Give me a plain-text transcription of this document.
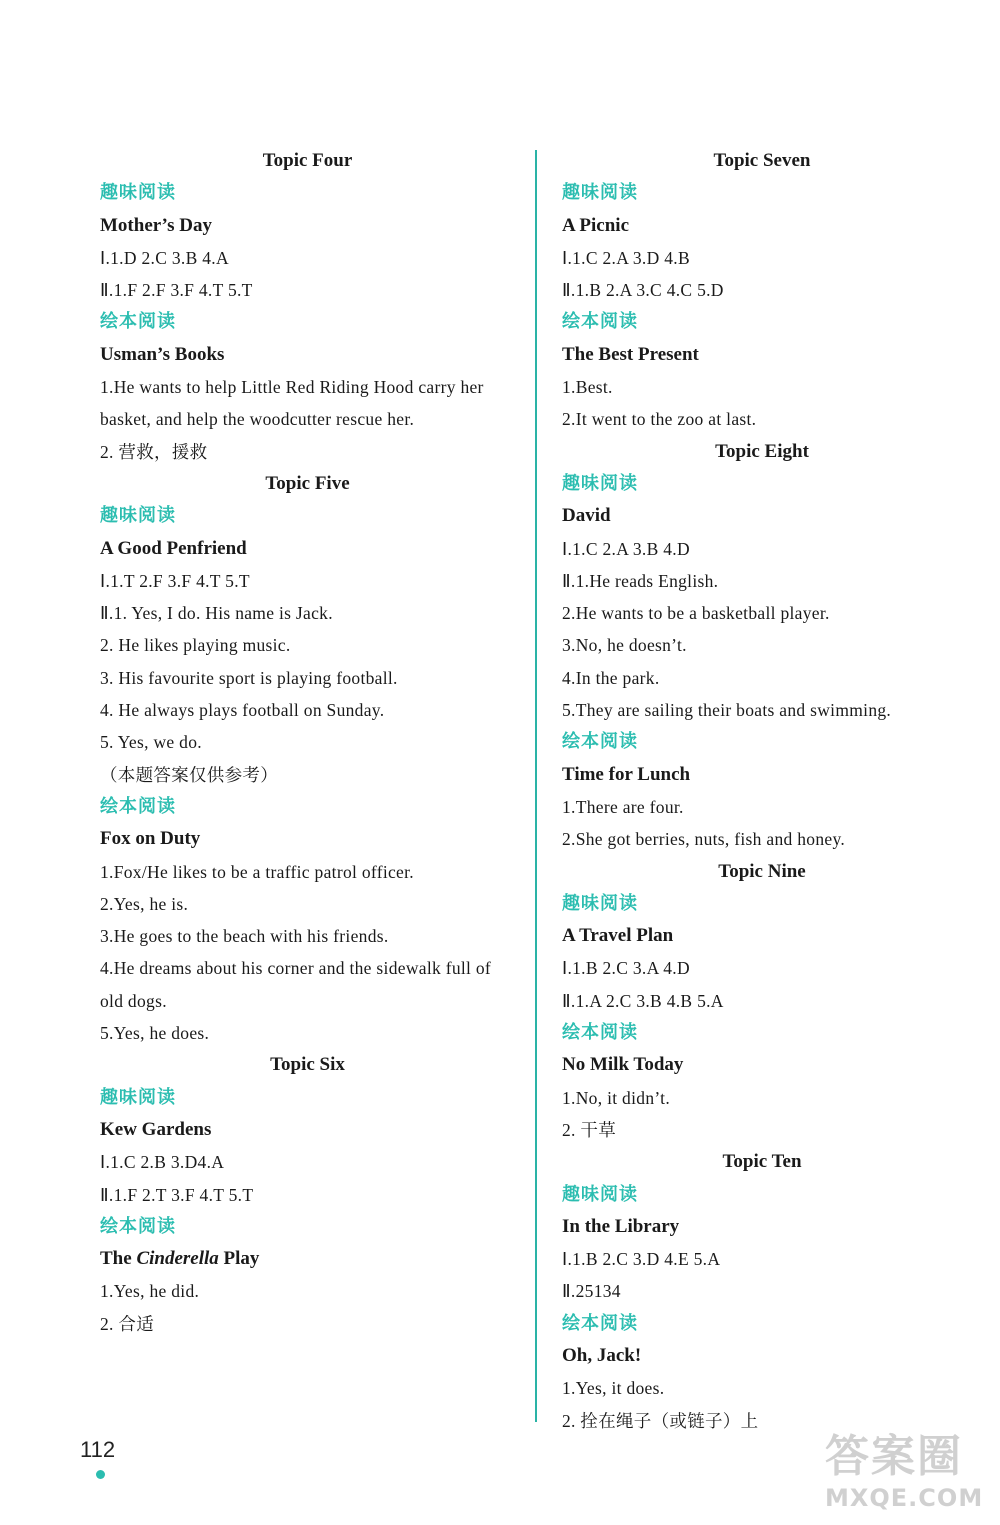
Topic Four
趣味阅读
Mother’s Day
Ⅰ.1.D 2.C 3.B 4.A
Ⅱ.1.F 2.F 3.F 4.T 5.T
绘本阅读
Usman’s Books
1.He wants to help Little Red Riding Hood carry her basket, and help the woodcutter rescue her.
2. 营救，援救
Topic Five
趣味阅读
A Good Penfriend
Ⅰ.1.T 2.F 3.F 4.T 5.T
Ⅱ.1. Yes, I do. His name is Jack.
2. He likes playing music.
3. His favourite sport is playing football.
4. He always plays football on Sunday.
5. Yes, we do.
（本题答案仅供参考）
绘本阅读
Fox on Duty
1.Fox/He likes to be a traffic patrol officer.
2.Yes, he is.
3.He goes to the beach with his friends.
4.He dreams about his corner and the sidewalk full of old dogs.
5.Yes, he does.
Topic Six
趣味阅读
Kew Gardens
Ⅰ.1.C 2.B 3.D4.A
Ⅱ.1.F 2.T 3.F 4.T 5.T
绘本阅读
The Cinderella Play
1.Yes, he did.
2. 合适
Topic Seven
趣味阅读
A Picnic
Ⅰ.1.C 2.A 3.D 4.B
Ⅱ.1.B 2.A 3.C 4.C 5.D
绘本阅读
The Best Present
1.Best.
2.It went to the zoo at last.
Topic Eight
趣味阅读
David
Ⅰ.1.C 2.A 3.B 4.D
Ⅱ.1.He reads English.
2.He wants to be a basketball player.
3.No, he doesn’t.
4.In the park.
5.They are sailing their boats and swimming.
绘本阅读
Time for Lunch
1.There are four.
2.She got berries, nuts, fish and honey.
Topic Nine
趣味阅读
A Travel Plan
Ⅰ.1.B 2.C 3.A 4.D
Ⅱ.1.A 2.C 3.B 4.B 5.A
绘本阅读
No Milk Today
1.No, it didn’t.
2. 干草
Topic Ten
趣味阅读
In the Library
Ⅰ.1.B 2.C 3.D 4.E 5.A
Ⅱ.25134
绘本阅读
Oh, Jack!
1.Yes, it does.
2. 拴在绳子（或链子）上
112	答案圈
MXQE.COM
